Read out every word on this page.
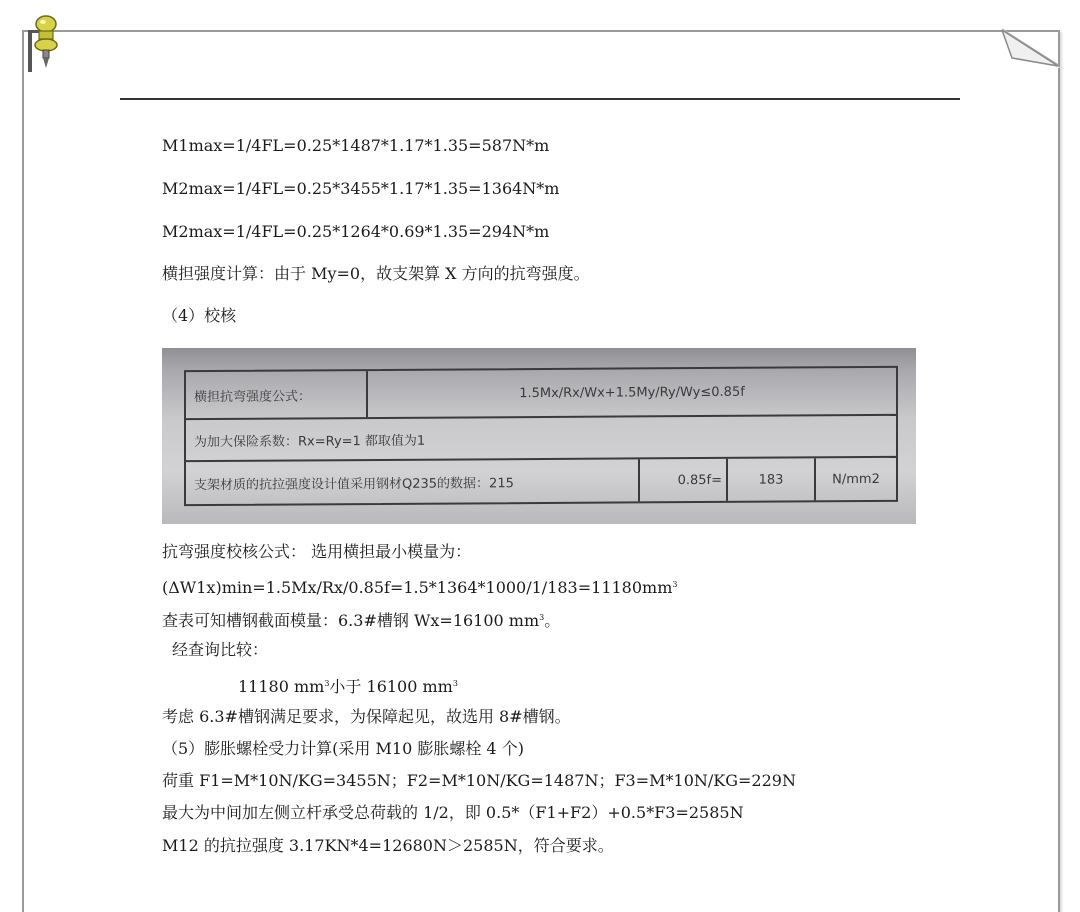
M1max=1/4FL=0.25*1487*1.17*1.35=587N*m
M2max=1/4FL=0.25*3455*1.17*1.35=1364N*m
M2max=1/4FL=0.25*1264*0.69*1.35=294N*m
横担强度计算：由于 My=0，故支架算 X 方向的抗弯强度。
（4）校核
横担抗弯强度公式：	1.5Mx/Rx/Wx+1.5My/Ry/Wy≤0.85f
为加大保险系数：Rx=Ry=1 都取值为1
支架材质的抗拉强度设计值采用钢材Q235的数据：215	0.85f=	183	N/mm2
抗弯强度校核公式： 选用横担最小模量为：
$(\Delta W1x)\min=1.5Mx/Rx/0.85f=1.5*1364*1000/1/183=11180mm^3$
查表可知槽钢截面模量：6.3#槽钢 Wx=16100 $mm^3$。
经查询比较：
11180 $mm^3$小于 16100 $mm^3$
考虑 6.3#槽钢满足要求，为保障起见，故选用 8#槽钢。
（5）膨胀螺栓受力计算(采用 M10 膨胀螺栓 4 个)
荷重 F1=M*10N/KG=3455N；F2=M*10N/KG=1487N；F3=M*10N/KG=229N
最大为中间加左侧立杆承受总荷载的 1/2，即 0.5*（F1+F2）+0.5*F3=2585N
M12 的抗拉强度 3.17KN*4=12680N＞2585N，符合要求。
